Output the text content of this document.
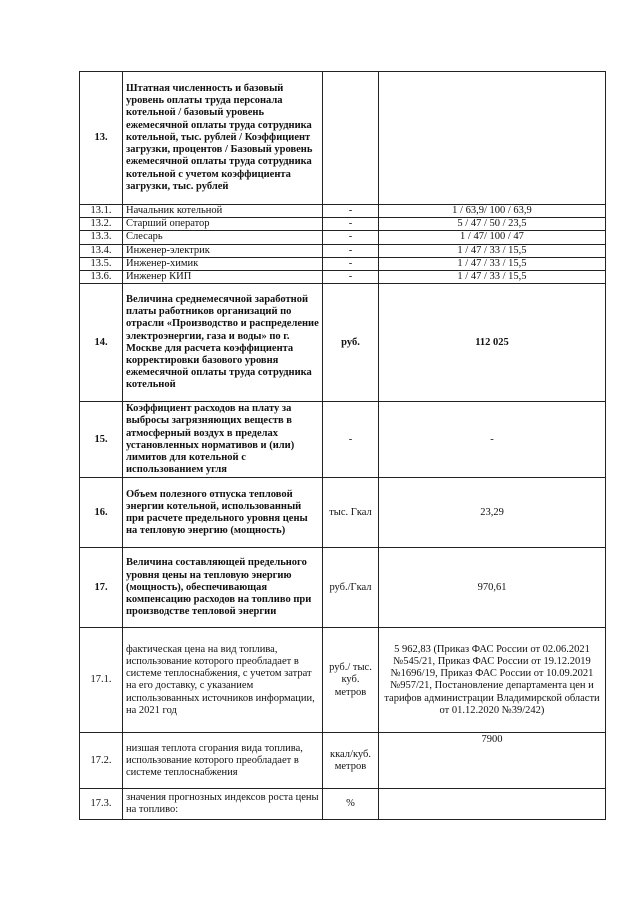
13.	Штатная численность и базовый уровень оплаты труда персонала котельной / базовый уровень ежемесячной оплаты труда сотрудника котельной, тыс. рублей / Коэффициент загрузки, процентов / Базовый уровень ежемесячной оплаты труда сотрудника котельной с учетом коэффициента загрузки, тыс. рублей		
13.1.	Начальник котельной	-	1 / 63,9/ 100 / 63,9
13.2.	Старший оператор	-	5 / 47 / 50 / 23,5
13.3.	Слесарь	-	1 / 47/ 100 / 47
13.4.	Инженер-электрик	-	1 / 47 / 33 / 15,5
13.5.	Инженер-химик	-	1 / 47 / 33 / 15,5
13.6.	Инженер КИП	-	1 / 47 / 33 / 15,5
14.	Величина среднемесячной заработной платы работников организаций по отрасли «Производство и распределение электроэнергии, газа и воды» по г. Москве для расчета коэффициента корректировки базового уровня ежемесячной оплаты труда сотрудника котельной	руб.	112 025
15.	Коэффициент расходов на плату за выбросы загрязняющих веществ в атмосферный воздух в пределах установленных нормативов и (или) лимитов для котельной с использованием угля	-	-
16.	Объем полезного отпуска тепловой энергии котельной, использованный при расчете предельного уровня цены на тепловую энергию (мощность)	тыс. Гкал	23,29
17.	Величина составляющей предельного уровня цены на тепловую энергию (мощность), обеспечивающая компенсацию расходов на топливо при производстве тепловой энергии	руб./Гкал	970,61
17.1.	фактическая цена на вид топлива, использование которого преобладает в системе теплоснабжения, с учетом затрат на его доставку, с указанием использованных источников информации, на 2021 год	руб./ тыс. куб. метров	5 962,83 (Приказ ФАС России от 02.06.2021 №545/21, Приказ ФАС России от 19.12.2019 №1696/19, Приказ ФАС России от 10.09.2021 №957/21, Постановление департамента цен и тарифов администрации Владимирской области от 01.12.2020 №39/242)
17.2.	низшая теплота сгорания вида топлива, использование которого преобладает в системе теплоснабжения	ккал/куб. метров	7900
17.3.	значения прогнозных индексов роста цены на топливо:	%	
